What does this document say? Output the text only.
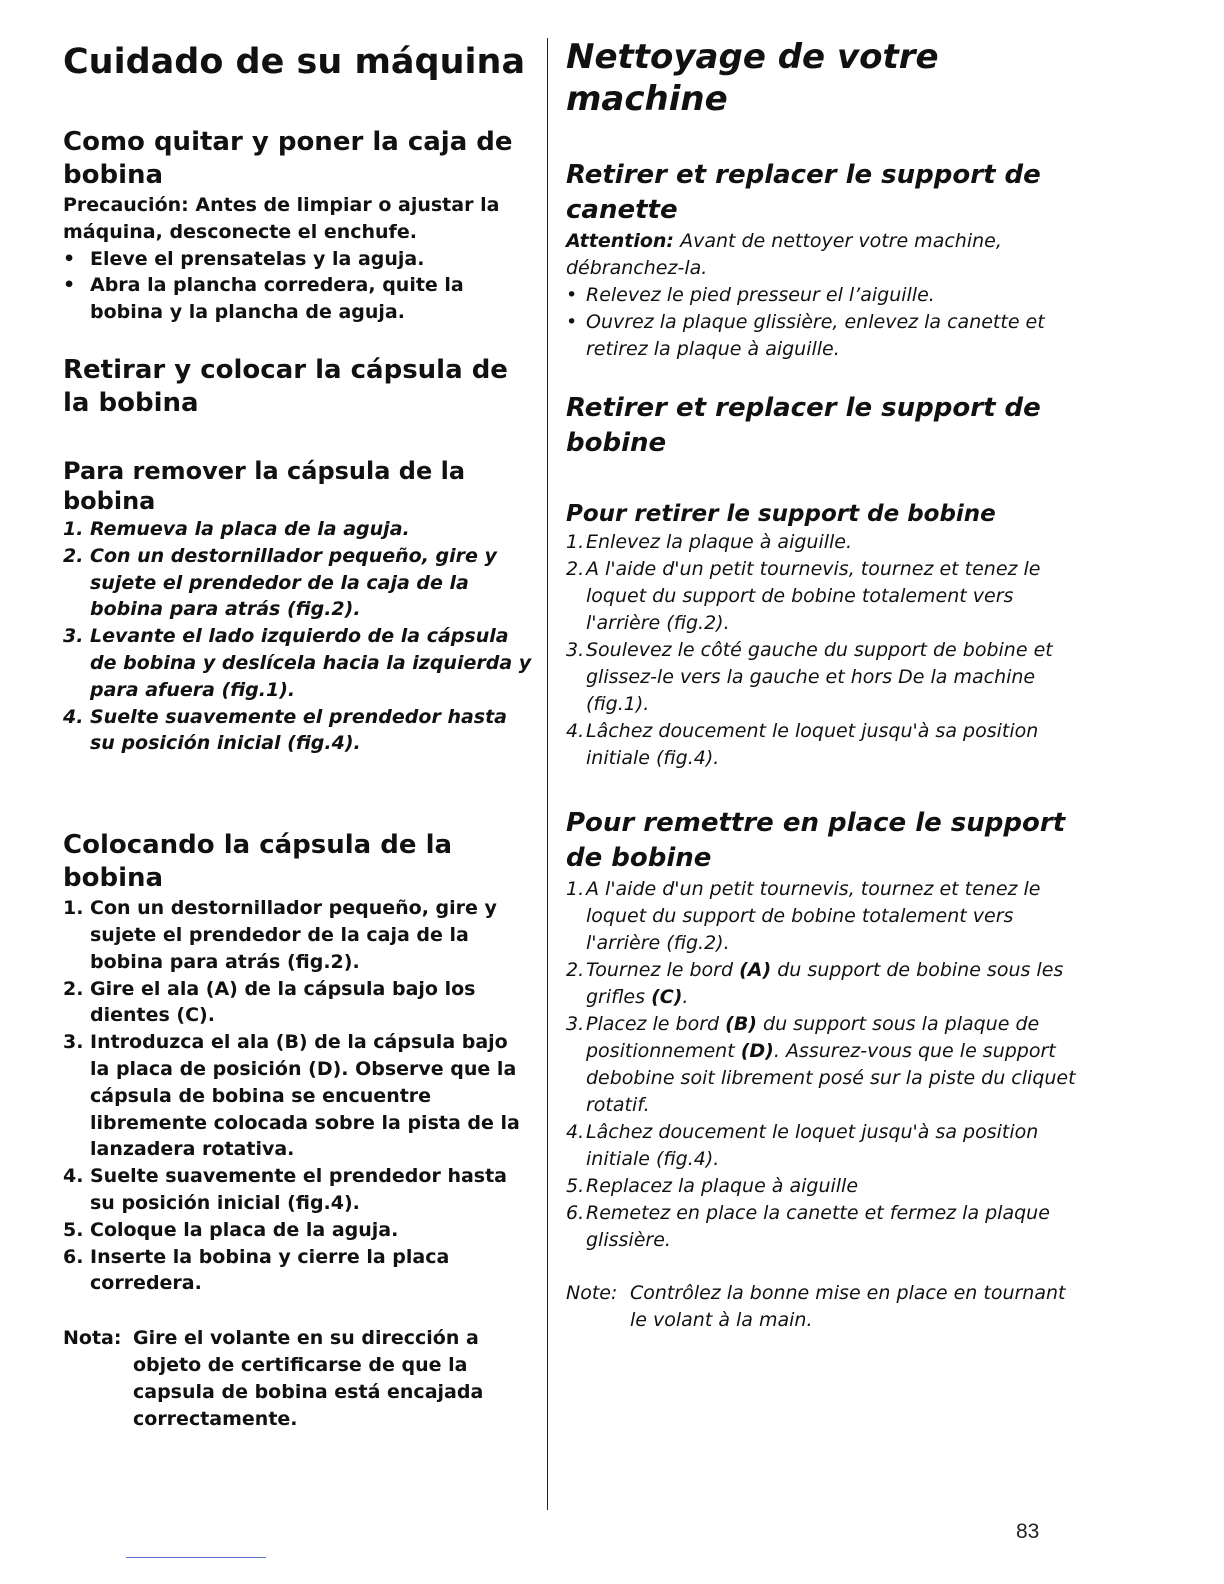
Cuidado de su máquina
Como quitar y poner la caja de bobina

Precaución: Antes de limpiar o ajustar la máquina, desconecte el enchufe.

• Eleve el prensatelas y la aguja.
• Abra la plancha corredera, quite la bobina y la plancha de aguja.
Retirar y colocar la cápsula de la bobina
Para remover la cápsula de la bobina
1. Remueva la placa de la aguja.
2. Con un destornillador pequeño, gire y sujete el prendedor de la caja de la bobina para atrás (fig.2).
3. Levante el lado izquierdo de la cápsula de bobina y deslícela hacia la izquierda y para afuera (fig.1).
4. Suelte suavemente el prendedor hasta su posición inicial (fig.4).
Colocando la cápsula de la bobina
1. Con un destornillador pequeño, gire y sujete el prendedor de la caja de la bobina para atrás (fig.2).
2. Gire el ala (A) de la cápsula bajo los dientes (C).
3. Introduzca el ala (B) de la cápsula bajo la placa de posición (D). Observe que la cápsula de bobina se encuentre libremente colocada sobre la pista de la lanzadera rotativa.
4. Suelte suavemente el prendedor hasta su posición inicial (fig.4).
5. Coloque la placa de la aguja.
6. Inserte la bobina y cierre la placa corredera.

Nota: Gire el volante en su dirección a objeto de certificarse de que la capsula de bobina está encajada correctamente.

Nettoyage de votre machine
Retirer et replacer le support de canette

Attention: Avant de nettoyer votre machine, débranchez-la.

• Relevez le pied presseur el l’aiguille.
• Ouvrez la plaque glissière, enlevez la canette et retirez la plaque à aiguille.
Retirer et replacer le support de bobine
Pour retirer le support de bobine
1. Enlevez la plaque à aiguille.
2. A l'aide d'un petit tournevis, tournez et tenez le loquet du support de bobine totalement vers l'arrière (fig.2).
3. Soulevez le côté gauche du support de bobine et glissez-le vers la gauche et hors De la machine (fig.1).
4. Lâchez doucement le loquet jusqu'à sa position initiale (fig.4).
Pour remettre en place le support de bobine
1. A l'aide d'un petit tournevis, tournez et tenez le loquet du support de bobine totalement vers l'arrière (fig.2).
2. Tournez le bord (A) du support de bobine sous les grifles (C).
3. Placez le bord (B) du support sous la plaque de positionnement (D). Assurez-vous que le support debobine soit librement posé sur la piste du cliquet rotatif.
4. Lâchez doucement le loquet jusqu'à sa position initiale (fig.4).
5. Replacez la plaque à aiguille
6. Remetez en place la canette et fermez la plaque glissière.

Note: Contrôlez la bonne mise en place en tournant le volant à la main.

83
